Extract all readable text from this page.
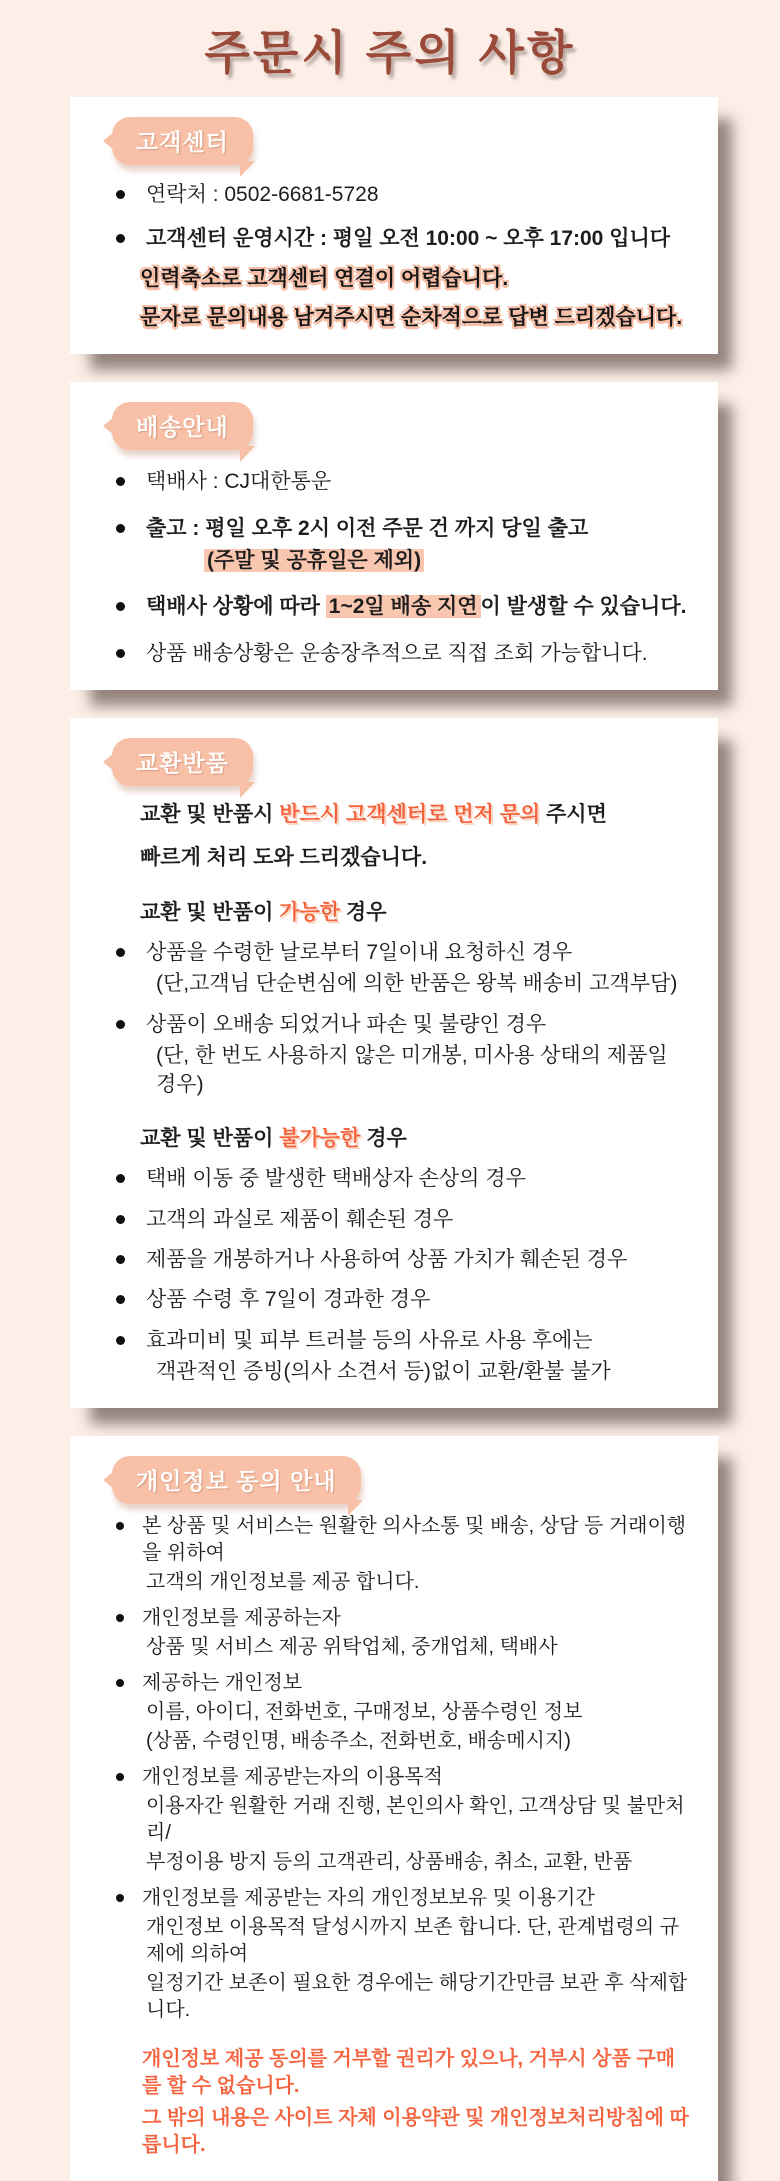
주문시 주의 사항
고객센터
연락처 : 0502-6681-5728
고객센터 운영시간 : 평일 오전 10:00 ~ 오후 17:00 입니다
인력축소로 고객센터 연결이 어렵습니다.
문자로 문의내용 남겨주시면 순차적으로 답변 드리겠습니다.
배송안내
택배사 : CJ대한통운
출고 : 평일 오후 2시 이전 주문 건 까지 당일 출고
(주말 및 공휴일은 제외)
택배사 상황에 따라 1~2일 배송 지연 이 발생할 수 있습니다.
상품 배송상황은 운송장추적으로 직접 조회 가능합니다.
교환반품
교환 및 반품시 반드시 고객센터로 먼저 문의 주시면
빠르게 처리 도와 드리겠습니다.
교환 및 반품이 가능한 경우
상품을 수령한 날로부터 7일이내 요청하신 경우
(단,고객님 단순변심에 의한 반품은 왕복 배송비 고객부담)
상품이 오배송 되었거나 파손 및 불량인 경우
(단, 한 번도 사용하지 않은 미개봉, 미사용 상태의 제품일 경우)
교환 및 반품이 불가능한 경우
택배 이동 중 발생한 택배상자 손상의 경우
고객의 과실로 제품이 훼손된 경우
제품을 개봉하거나 사용하여 상품 가치가 훼손된 경우
상품 수령 후 7일이 경과한 경우
효과미비 및 피부 트러블 등의 사유로 사용 후에는
객관적인 증빙(의사 소견서 등)없이 교환/환불 불가
개인정보 동의 안내
본 상품 및 서비스는 원활한 의사소통 및 배송, 상담 등 거래이행을 위하여
고객의 개인정보를 제공 합니다.
개인정보를 제공하는자
상품 및 서비스 제공 위탁업체, 중개업체, 택배사
제공하는 개인정보
이름, 아이디, 전화번호, 구매정보, 상품수령인 정보
(상품, 수령인명, 배송주소, 전화번호, 배송메시지)
개인정보를 제공받는자의 이용목적
이용자간 원활한 거래 진행, 본인의사 확인, 고객상담 및 불만처리/
부정이용 방지 등의 고객관리, 상품배송, 취소, 교환, 반품
개인정보를 제공받는 자의 개인정보보유 및 이용기간
개인정보 이용목적 달성시까지 보존 합니다. 단, 관계법령의 규제에 의하여
일정기간 보존이 필요한 경우에는 해당기간만큼 보관 후 삭제합니다.
개인정보 제공 동의를 거부할 권리가 있으나, 거부시 상품 구매를 할 수 없습니다.
그 밖의 내용은 사이트 자체 이용약관 및 개인정보처리방침에 따릅니다.
